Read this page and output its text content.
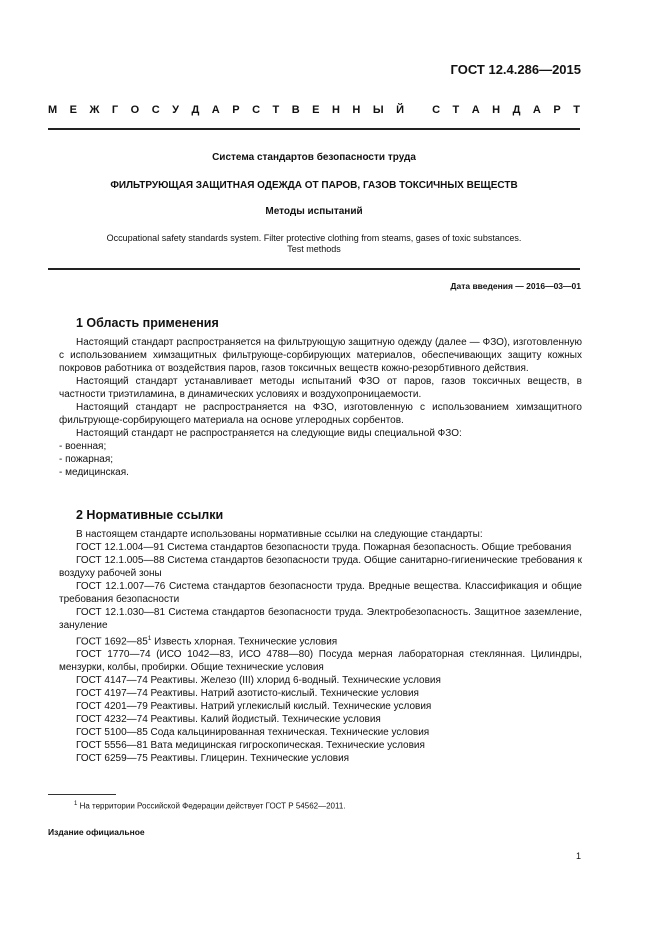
ГОСТ 12.4.286—2015
М Е Ж Г О С У Д А Р С Т В Е Н Н Ы Й
	С Т А Н Д А Р Т
Система стандартов безопасности труда
ФИЛЬТРУЮЩАЯ ЗАЩИТНАЯ ОДЕЖДА ОТ ПАРОВ, ГАЗОВ ТОКСИЧНЫХ ВЕЩЕСТВ
Методы испытаний
Occupational safety standards system. Filter protective clothing from steams, gases of toxic substances.
Test methods
Дата введения — 2016—03—01
1 Область применения

Настоящий стандарт распространяется на фильтрующую защитную одежду (далее — ФЗО), изготовленную с использованием химзащитных фильтрующе-сорбирующих материалов, обеспечивающих защиту кожных покровов работника от воздействия паров, газов токсичных веществ кожно-резорбтивного действия.

Настоящий стандарт устанавливает методы испытаний ФЗО от паров, газов токсичных веществ, в частности триэтиламина, в динамических условиях и воздухопроницаемости.

Настоящий стандарт не распространяется на ФЗО, изготовленную с использованием химзащитного фильтрующе-сорбирующего материала на основе углеродных сорбентов.

Настоящий стандарт не распространяется на следующие виды специальной ФЗО:

- военная;

- пожарная;

- медицинская.

2 Нормативные ссылки

В настоящем стандарте использованы нормативные ссылки на следующие стандарты:

ГОСТ 12.1.004—91 Система стандартов безопасности труда. Пожарная безопасность. Общие требования

ГОСТ 12.1.005—88 Система стандартов безопасности труда. Общие санитарно-гигиенические требования к воздуху рабочей зоны

ГОСТ 12.1.007—76 Система стандартов безопасности труда. Вредные вещества. Классификация и общие требования безопасности

ГОСТ 12.1.030—81 Система стандартов безопасности труда. Электробезопасность. Защитное заземление, зануление

ГОСТ 1692—85$^1$ Известь хлорная. Технические условия

ГОСТ 1770—74 (ИСО 1042—83, ИСО 4788—80) Посуда мерная лабораторная стеклянная. Цилиндры, мензурки, колбы, пробирки. Общие технические условия

ГОСТ 4147—74 Реактивы. Железо (III) хлорид 6-водный. Технические условия

ГОСТ 4197—74 Реактивы. Натрий азотисто-кислый. Технические условия

ГОСТ 4201—79 Реактивы. Натрий углекислый кислый. Технические условия

ГОСТ 4232—74 Реактивы. Калий йодистый. Технические условия

ГОСТ 5100—85 Сода кальцинированная техническая. Технические условия

ГОСТ 5556—81 Вата медицинская гигроскопическая. Технические условия

ГОСТ 6259—75 Реактивы. Глицерин. Технические условия

$^1$ На территории Российской Федерации действует ГОСТ Р 54562—2011.
Издание официальное
1
